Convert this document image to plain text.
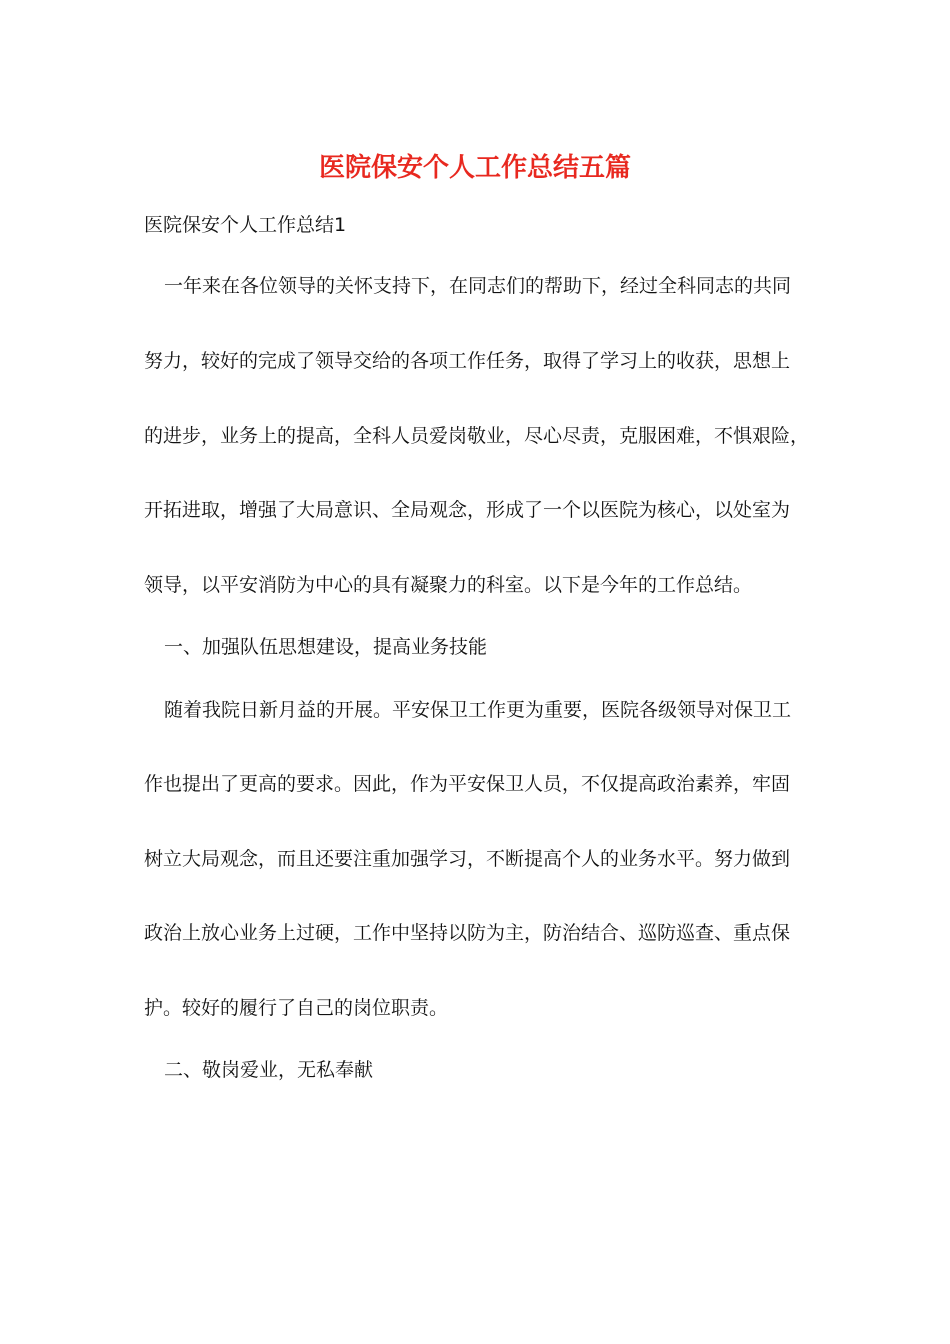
医院保安个人工作总结五篇
医院保安个人工作总结1
一年来在各位领导的关怀支持下，在同志们的帮助下，经过全科同志的共同
努力，较好的完成了领导交给的各项工作任务，取得了学习上的收获，思想上
的进步，业务上的提高，全科人员爱岗敬业，尽心尽责，克服困难，不惧艰险，
开拓进取，增强了大局意识、全局观念，形成了一个以医院为核心，以处室为
领导，以平安消防为中心的具有凝聚力的科室。以下是今年的工作总结。
一、加强队伍思想建设，提高业务技能
随着我院日新月益的开展。平安保卫工作更为重要，医院各级领导对保卫工
作也提出了更高的要求。因此，作为平安保卫人员，不仅提高政治素养，牢固
树立大局观念，而且还要注重加强学习，不断提高个人的业务水平。努力做到
政治上放心业务上过硬，工作中坚持以防为主，防治结合、巡防巡查、重点保
护。较好的履行了自己的岗位职责。
二、敬岗爱业，无私奉献
